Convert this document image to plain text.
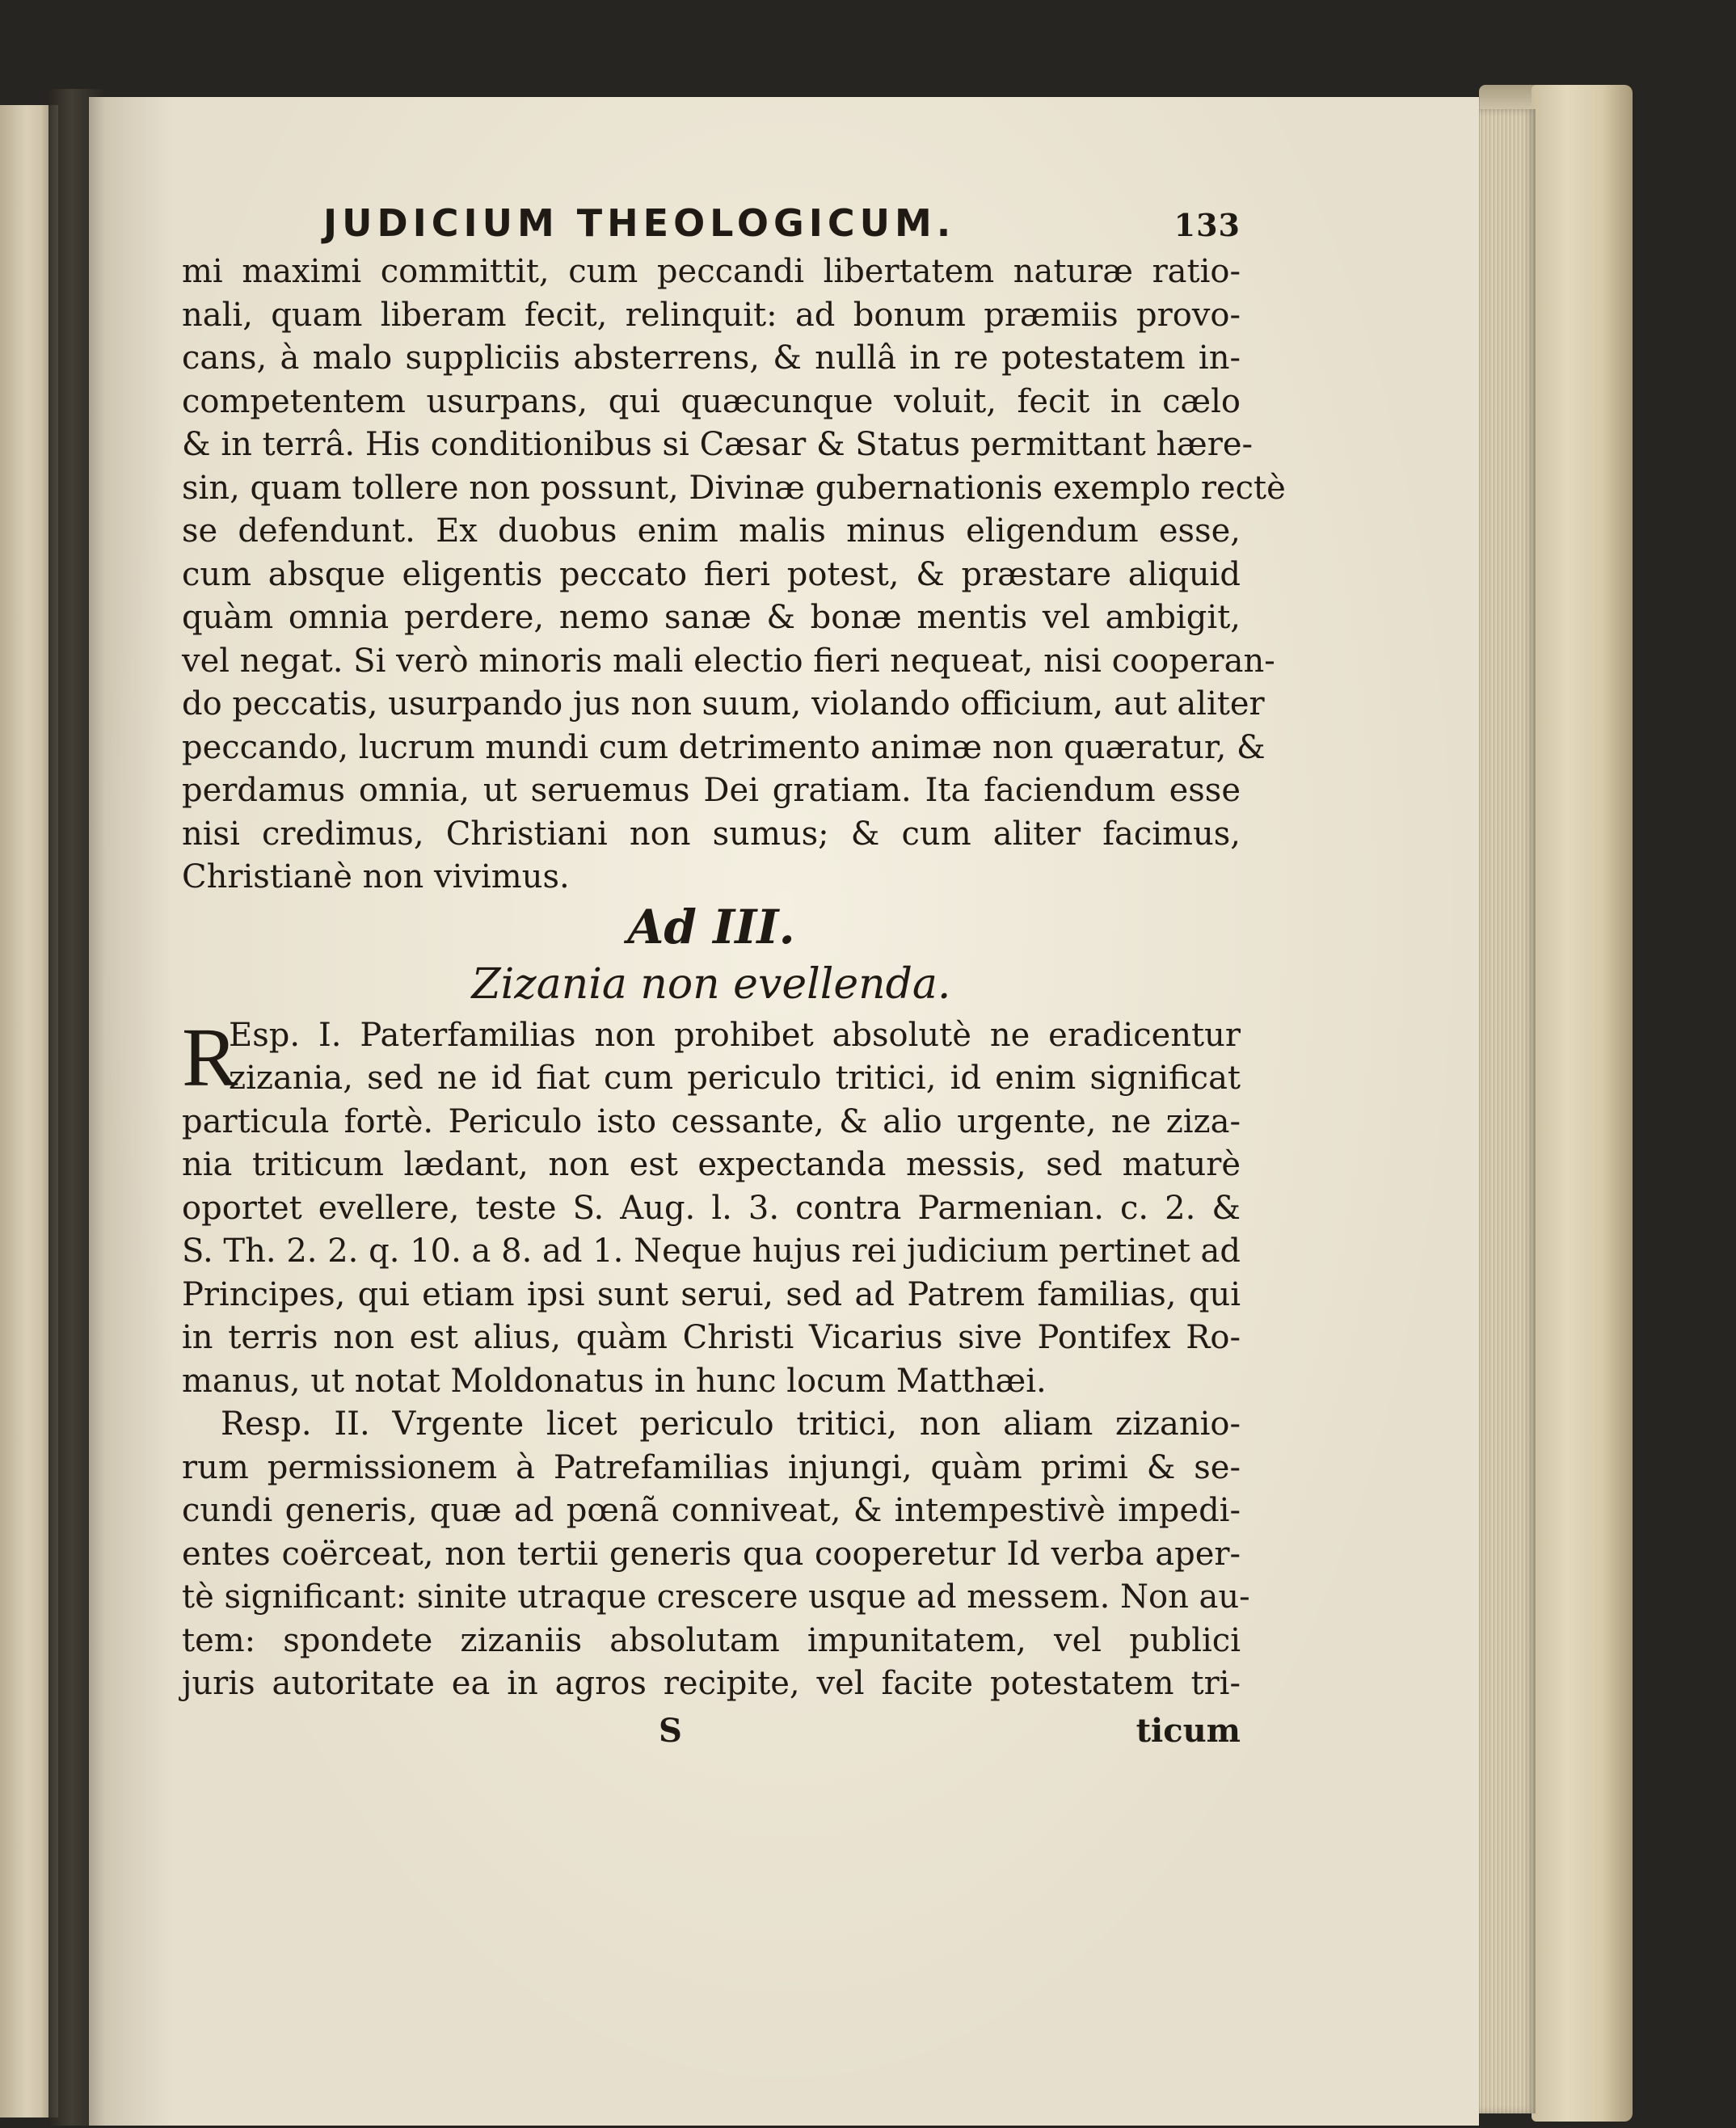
JUDICIUM THEOLOGICUM.	133
mi maximi committit, cum peccandi libertatem naturæ ratio-
nali, quam liberam fecit, relinquit: ad bonum præmiis provo-
cans, à malo suppliciis absterrens, & nullâ in re potestatem in-
competentem usurpans, qui quæcunque voluit, fecit in cælo
& in terrâ. His conditionibus si Cæsar & Status permittant hære-
sin, quam tollere non possunt, Divinæ gubernationis exemplo rectè
se defendunt. Ex duobus enim malis minus eligendum esse,
cum absque eligentis peccato fieri potest, & præstare aliquid
quàm omnia perdere, nemo sanæ & bonæ mentis vel ambigit,
vel negat. Si verò minoris mali electio fieri nequeat, nisi cooperan-
do peccatis, usurpando jus non suum, violando officium, aut aliter
peccando, lucrum mundi cum detrimento animæ non quæratur, &
perdamus omnia, ut seruemus Dei gratiam. Ita faciendum esse
nisi credimus, Christiani non sumus; & cum aliter facimus,
Christianè non vivimus.
Ad III.
Zizania non evellenda.
R
Esp. I. Paterfamilias non prohibet absolutè ne eradicentur
zizania, sed ne id fiat cum periculo tritici, id enim significat
particula fortè. Periculo isto cessante, & alio urgente, ne ziza-
nia triticum lædant, non est expectanda messis, sed maturè
oportet evellere, teste S. Aug. l. 3. contra Parmenian. c. 2. &
S. Th. 2. 2. q. 10. a 8. ad 1. Neque hujus rei judicium pertinet ad
Principes, qui etiam ipsi sunt serui, sed ad Patrem familias, qui
in terris non est alius, quàm Christi Vicarius sive Pontifex Ro-
manus, ut notat Moldonatus in hunc locum Matthæi.
Resp. II. Vrgente licet periculo tritici, non aliam zizanio-
rum permissionem à Patrefamilias injungi, quàm primi & se-
cundi generis, quæ ad pœnã conniveat, & intempestivè impedi-
entes coërceat, non tertii generis qua cooperetur Id verba aper-
tè significant: sinite utraque crescere usque ad messem. Non au-
tem: spondete zizaniis absolutam impunitatem, vel publici
juris autoritate ea in agros recipite, vel facite potestatem tri-
S	ticum
